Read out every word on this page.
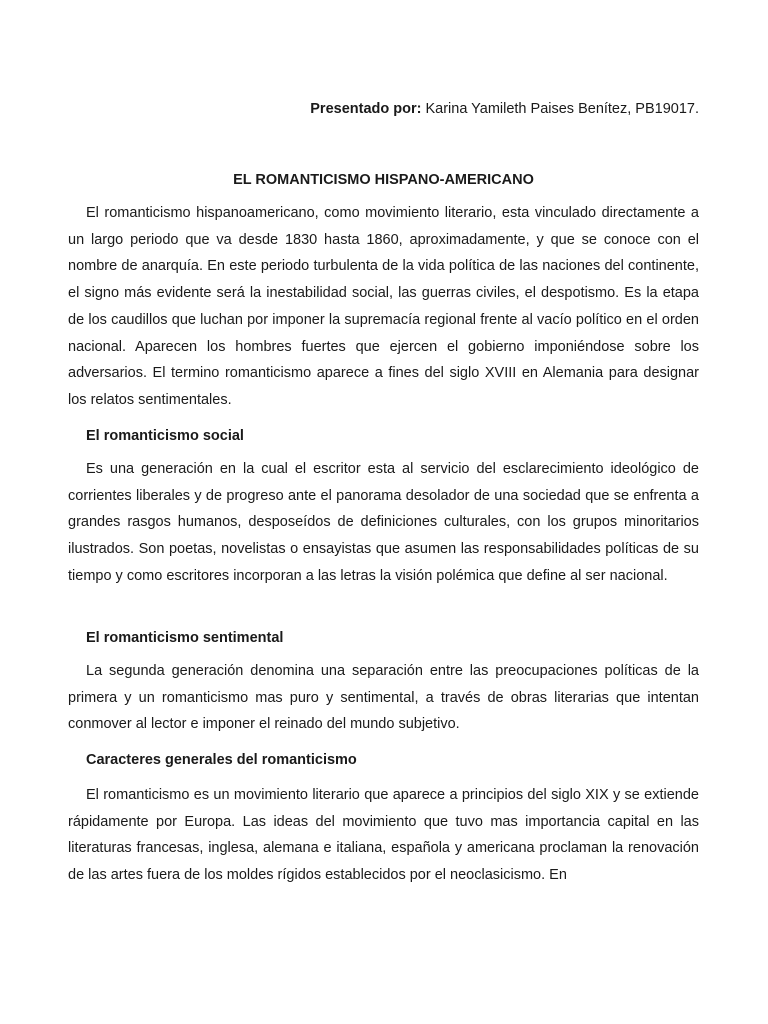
Presentado por: Karina Yamileth Paises Benítez, PB19017.
EL ROMANTICISMO HISPANO-AMERICANO

El romanticismo hispanoamericano, como movimiento literario, esta vinculado directamente a un largo periodo que va desde 1830 hasta 1860, aproximadamente, y que se conoce con el nombre de anarquía. En este periodo turbulenta de la vida política de las naciones del continente, el signo más evidente será la inestabilidad social, las guerras civiles, el despotismo. Es la etapa de los caudillos que luchan por imponer la supremacía regional frente al vacío político en el orden nacional. Aparecen los hombres fuertes que ejercen el gobierno imponiéndose sobre los adversarios. El termino romanticismo aparece a fines del siglo XVIII en Alemania para designar los relatos sentimentales.

El romanticismo social

Es una generación en la cual el escritor esta al servicio del esclarecimiento ideológico de corrientes liberales y de progreso ante el panorama desolador de una sociedad que se enfrenta a grandes rasgos humanos, desposeídos de definiciones culturales, con los grupos minoritarios ilustrados. Son poetas, novelistas o ensayistas que asumen las responsabilidades políticas de su tiempo y como escritores incorporan a las letras la visión polémica que define al ser nacional.

El romanticismo sentimental

La segunda generación denomina una separación entre las preocupaciones políticas de la primera y un romanticismo mas puro y sentimental, a través de obras literarias que intentan conmover al lector e imponer el reinado del mundo subjetivo.

Caracteres generales del romanticismo

El romanticismo es un movimiento literario que aparece a principios del siglo XIX y se extiende rápidamente por Europa. Las ideas del movimiento que tuvo mas importancia capital en las literaturas francesas, inglesa, alemana e italiana, española y americana proclaman la renovación de las artes fuera de los moldes rígidos establecidos por el neoclasicismo. En
